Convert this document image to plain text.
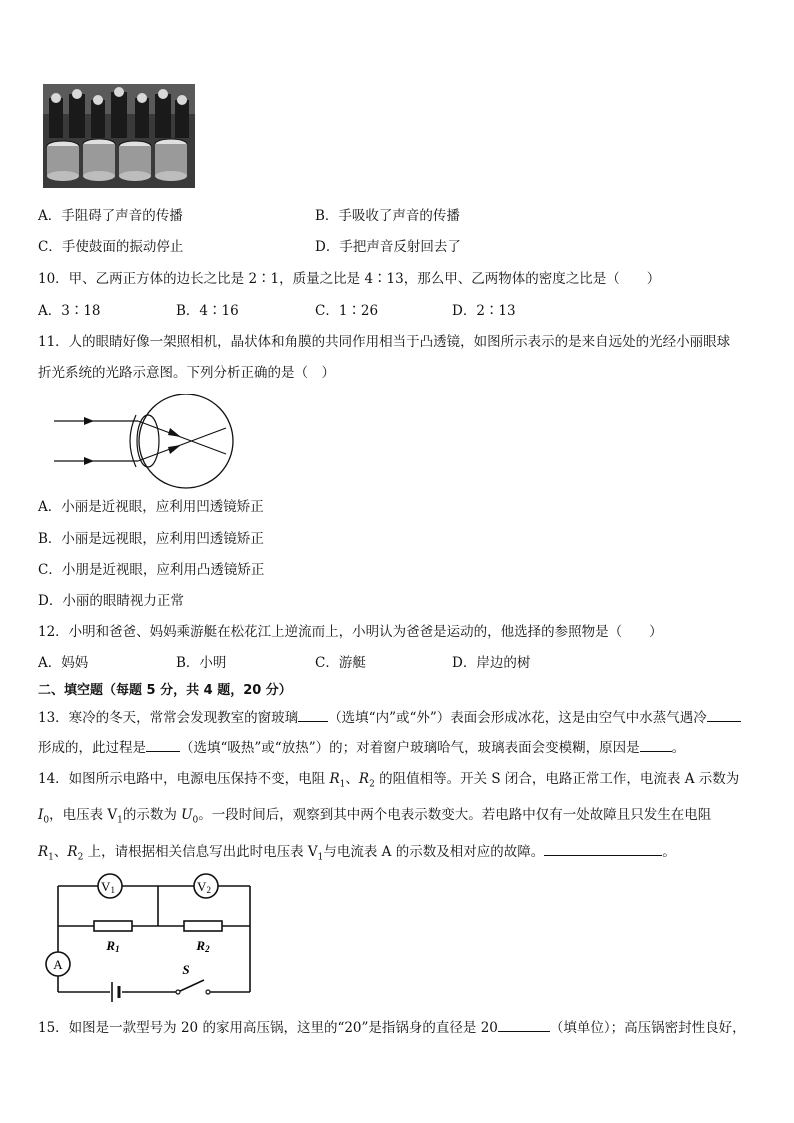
A．手阻碍了声音的传播	B．手吸收了声音的传播
C．手使鼓面的振动停止	D．手把声音反射回去了
10．甲、乙两正方体的边长之比是 2∶1，质量之比是 4∶13，那么甲、乙两物体的密度之比是（　　）
A．3∶18	B．4∶16	C．1∶26	D．2∶13
11．人的眼睛好像一架照相机，晶状体和角膜的共同作用相当于凸透镜，如图所示表示的是来自远处的光经小丽眼球
折光系统的光路示意图。下列分析正确的是（　）
A．小丽是近视眼，应利用凹透镜矫正
B．小丽是远视眼，应利用凹透镜矫正
C．小朋是近视眼，应利用凸透镜矫正
D．小丽的眼睛视力正常
12．小明和爸爸、妈妈乘游艇在松花江上逆流而上，小明认为爸爸是运动的，他选择的参照物是（　　）
A．妈妈	B．小明	C．游艇	D．岸边的树
二、填空题（每题 5 分，共 4 题，20 分）
13．寒冷的冬天，常常会发现教室的窗玻璃 （选填“内”或“外”）表面会形成冰花，这是由空气中水蒸气遇冷
形成的，此过程是	（选填“吸热”或“放热”）的；对着窗户玻璃哈气，玻璃表面会变模糊，原因是 。
14．如图所示电路中，电源电压保持不变，电阻 $R_1$、$R_2$ 的阻值相等。开关 S 闭合，电路正常工作，电流表 A 示数为
$I_0$，电压表 $V_1$的示数为 $U_0$。一段时间后，观察到其中两个电表示数变大。若电路中仅有一处故障且只发生在电阻
$R_1$、$R_2$ 上，请根据相关信息写出此时电压表 $V_1$与电流表 A 的示数及相对应的故障。	。
V1	V2
A
R1	R2
S
15．如图是一款型号为 20 的家用高压锅，这里的“20”是指锅身的直径是 20	（填单位）；高压锅密封性良好，
